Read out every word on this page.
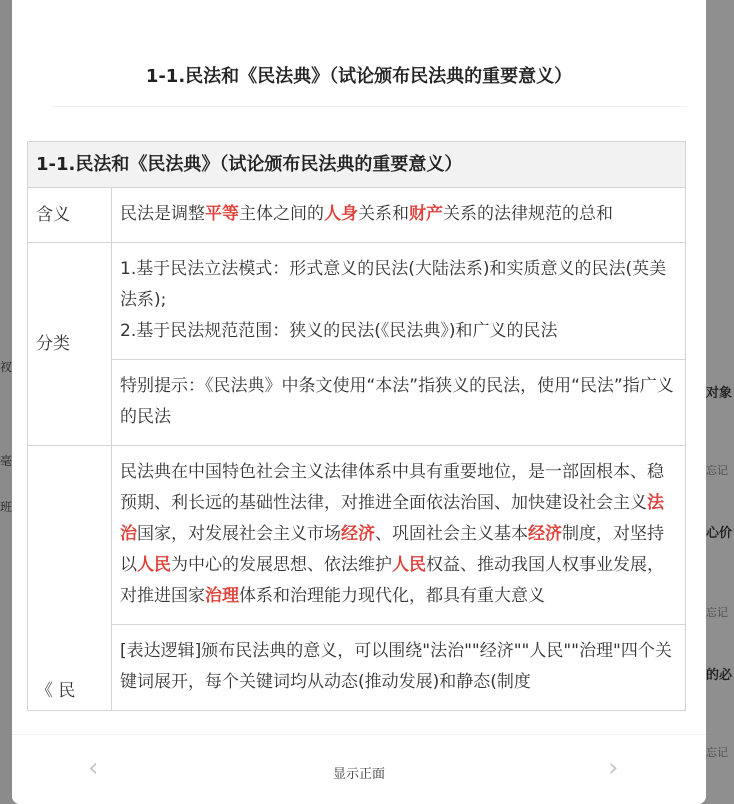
衩
毫
班
对象
忘记
心价
忘记
的必
忘记
1-1.民法和《民法典》（试论颁布民法典的重要意义）
1-1.民法和《民法典》（试论颁布民法典的重要意义）	
含义	民法是调整平等主体之间的人身关系和财产关系的法律规范的总和
分类	1.基于民法立法模式：形式意义的民法(大陆法系)和实质意义的民法(英美法系);
2.基于民法规范范围：狭义的民法(《民法典》)和广义的民法

	特别提示：《民法典》中条文使用“本法”指狭义的民法，使用“民法”指广义的民法
《 民	民法典在中国特色社会主义法律体系中具有重要地位，是一部固根本、稳预期、利长远的基础性法律，对推进全面依法治国、加快建设社会主义法治国家，对发展社会主义市场经济、巩固社会主义基本经济制度，对坚持以人民为中心的发展思想、依法维护人民权益、推动我国人权事业发展，对推进国家治理体系和治理能力现代化，都具有重大意义
	[表达逻辑]颁布民法典的意义，可以围绕"法治""经济""人民""治理"四个关键词展开，每个关键词均从动态(推动发展)和静态(制度
‹	显示正面	›
